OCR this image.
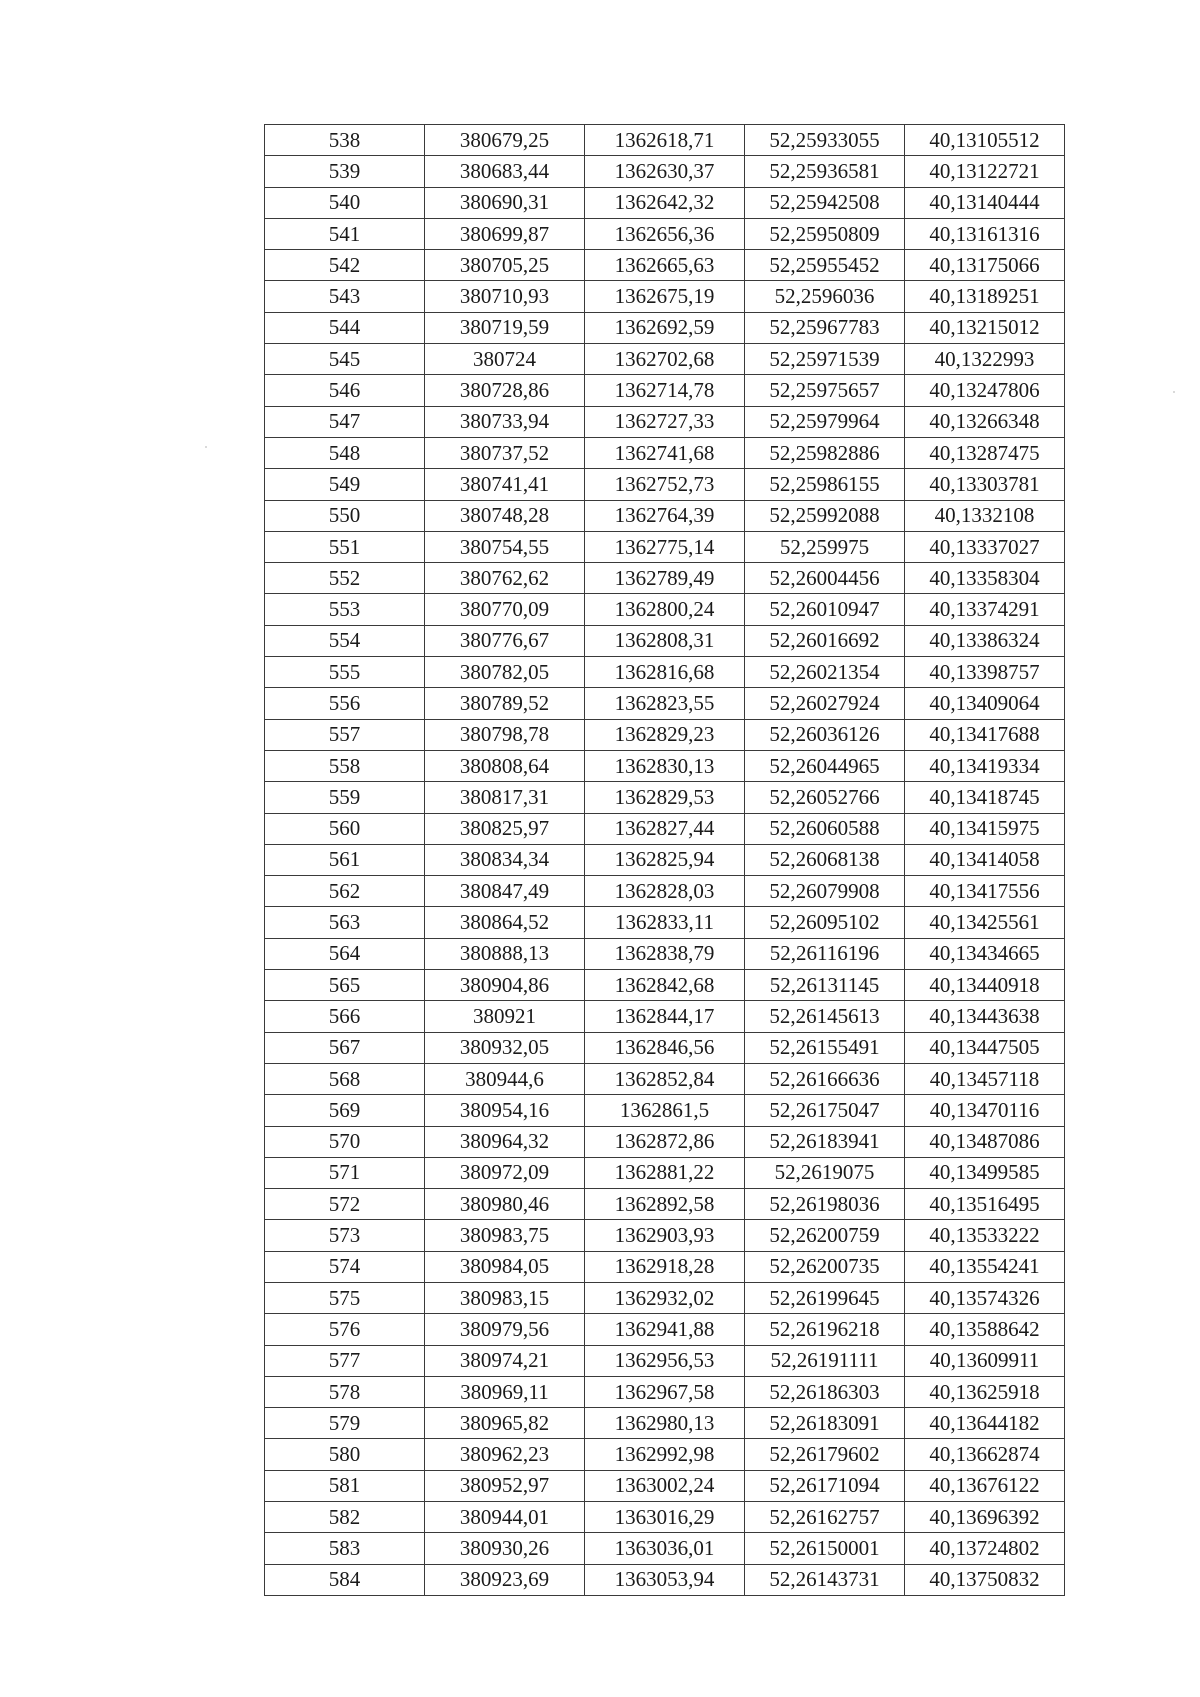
538	380679,25	1362618,71	52,25933055	40,13105512
539	380683,44	1362630,37	52,25936581	40,13122721
540	380690,31	1362642,32	52,25942508	40,13140444
541	380699,87	1362656,36	52,25950809	40,13161316
542	380705,25	1362665,63	52,25955452	40,13175066
543	380710,93	1362675,19	52,2596036	40,13189251
544	380719,59	1362692,59	52,25967783	40,13215012
545	380724	1362702,68	52,25971539	40,1322993
546	380728,86	1362714,78	52,25975657	40,13247806
547	380733,94	1362727,33	52,25979964	40,13266348
548	380737,52	1362741,68	52,25982886	40,13287475
549	380741,41	1362752,73	52,25986155	40,13303781
550	380748,28	1362764,39	52,25992088	40,1332108
551	380754,55	1362775,14	52,259975	40,13337027
552	380762,62	1362789,49	52,26004456	40,13358304
553	380770,09	1362800,24	52,26010947	40,13374291
554	380776,67	1362808,31	52,26016692	40,13386324
555	380782,05	1362816,68	52,26021354	40,13398757
556	380789,52	1362823,55	52,26027924	40,13409064
557	380798,78	1362829,23	52,26036126	40,13417688
558	380808,64	1362830,13	52,26044965	40,13419334
559	380817,31	1362829,53	52,26052766	40,13418745
560	380825,97	1362827,44	52,26060588	40,13415975
561	380834,34	1362825,94	52,26068138	40,13414058
562	380847,49	1362828,03	52,26079908	40,13417556
563	380864,52	1362833,11	52,26095102	40,13425561
564	380888,13	1362838,79	52,26116196	40,13434665
565	380904,86	1362842,68	52,26131145	40,13440918
566	380921	1362844,17	52,26145613	40,13443638
567	380932,05	1362846,56	52,26155491	40,13447505
568	380944,6	1362852,84	52,26166636	40,13457118
569	380954,16	1362861,5	52,26175047	40,13470116
570	380964,32	1362872,86	52,26183941	40,13487086
571	380972,09	1362881,22	52,2619075	40,13499585
572	380980,46	1362892,58	52,26198036	40,13516495
573	380983,75	1362903,93	52,26200759	40,13533222
574	380984,05	1362918,28	52,26200735	40,13554241
575	380983,15	1362932,02	52,26199645	40,13574326
576	380979,56	1362941,88	52,26196218	40,13588642
577	380974,21	1362956,53	52,26191111	40,13609911
578	380969,11	1362967,58	52,26186303	40,13625918
579	380965,82	1362980,13	52,26183091	40,13644182
580	380962,23	1362992,98	52,26179602	40,13662874
581	380952,97	1363002,24	52,26171094	40,13676122
582	380944,01	1363016,29	52,26162757	40,13696392
583	380930,26	1363036,01	52,26150001	40,13724802
584	380923,69	1363053,94	52,26143731	40,13750832
